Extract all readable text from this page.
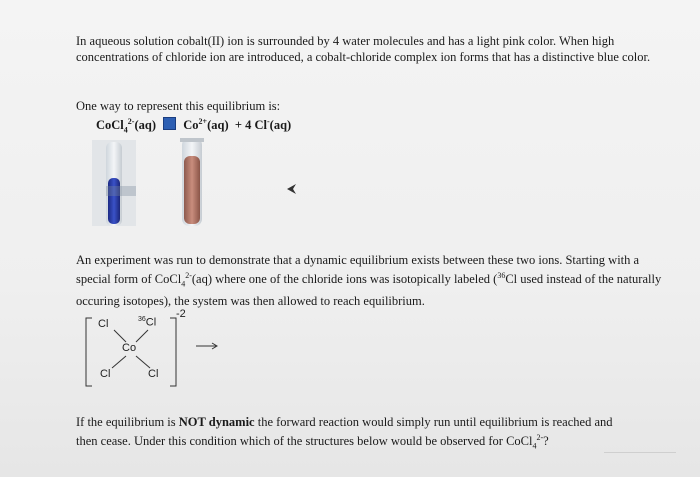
In aqueous solution cobalt(II) ion is surrounded by 4 water molecules and has a light pink color. When high concentrations of chloride ion are introduced, a cobalt-chloride complex ion forms that has a distinctive blue color.
One way to represent this equilibrium is:
CoCl$_4^{2-}$(aq) $Co^{2+}(aq) + 4$ Cl-(aq)
An experiment was run to demonstrate that a dynamic equilibrium exists between these two ions. Starting with a special form of CoCl$_4^{2-}$(aq) where one of the chloride ions was isotopically labeled ($^{36}$Cl used instead of the naturally occuring isotopes), the system was then allowed to reach equilibrium.
-2
Cl	$^{36}$Cl
Co
Cl	Cl
If the equilibrium is NOT dynamic the forward reaction would simply run until equilibrium is reached and then cease. Under this condition which of the structures below would be observed for CoCl$_4^{2-}$?
